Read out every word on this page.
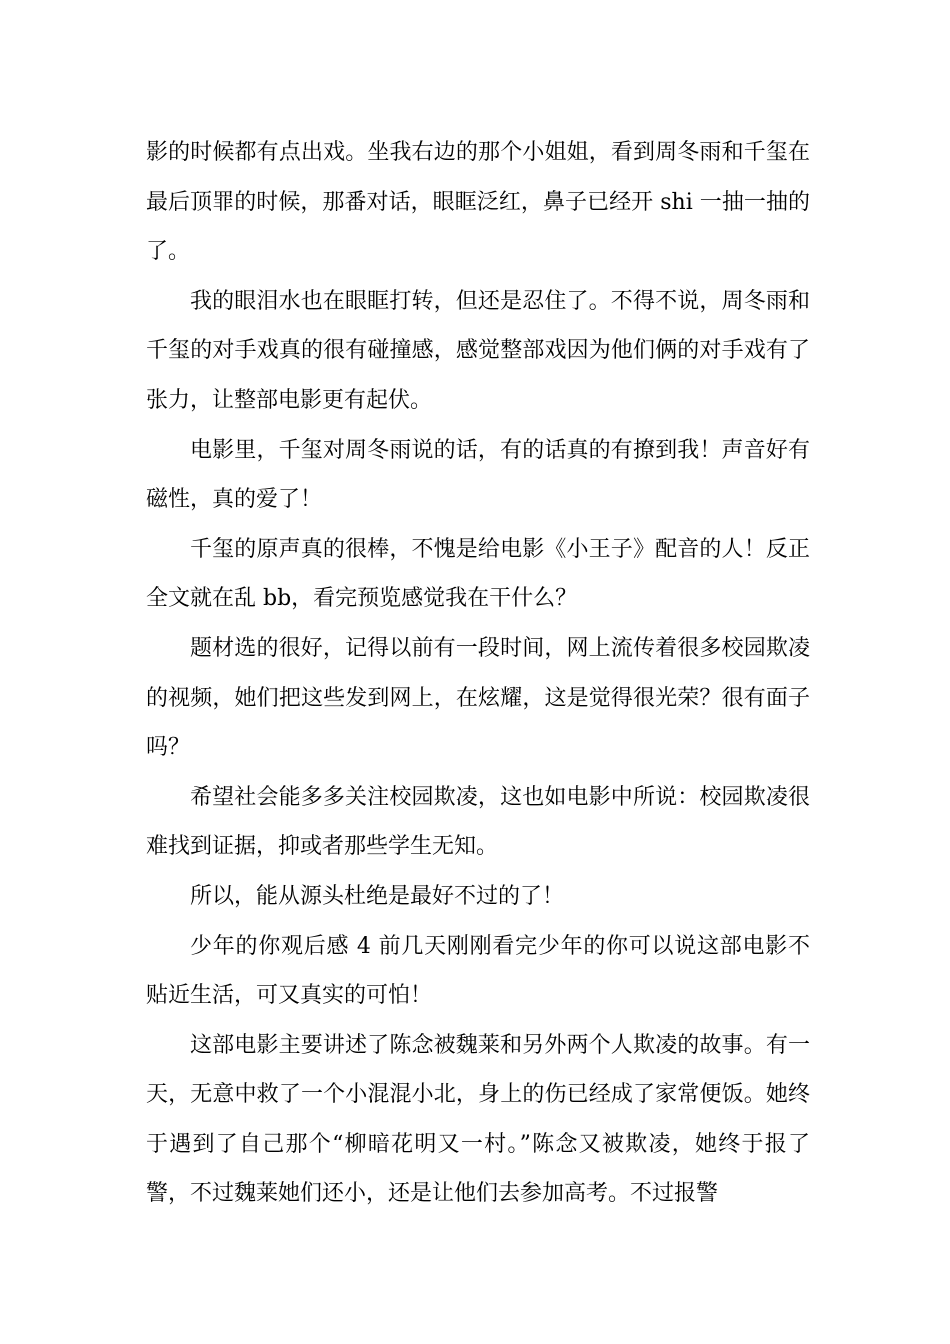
影的时候都有点出戏。坐我右边的那个小姐姐，看到周冬雨和千玺在最后顶罪的时候，那番对话，眼眶泛红，鼻子已经开 shi 一抽一抽的了。

我的眼泪水也在眼眶打转，但还是忍住了。不得不说，周冬雨和千玺的对手戏真的很有碰撞感，感觉整部戏因为他们俩的对手戏有了张力，让整部电影更有起伏。

电影里，千玺对周冬雨说的话，有的话真的有撩到我！声音好有磁性，真的爱了！

千玺的原声真的很棒，不愧是给电影《小王子》配音的人！反正全文就在乱 bb，看完预览感觉我在干什么？

题材选的很好，记得以前有一段时间，网上流传着很多校园欺凌的视频，她们把这些发到网上，在炫耀，这是觉得很光荣？很有面子吗？

希望社会能多多关注校园欺凌，这也如电影中所说：校园欺凌很难找到证据，抑或者那些学生无知。

所以，能从源头杜绝是最好不过的了！

少年的你观后感 4 前几天刚刚看完少年的你可以说这部电影不贴近生活，可又真实的可怕！

这部电影主要讲述了陈念被魏莱和另外两个人欺凌的故事。有一天，无意中救了一个小混混小北，身上的伤已经成了家常便饭。她终于遇到了自己那个“柳暗花明又一村。”陈念又被欺凌，她终于报了警，不过魏莱她们还小，还是让他们去参加高考。不过报警
